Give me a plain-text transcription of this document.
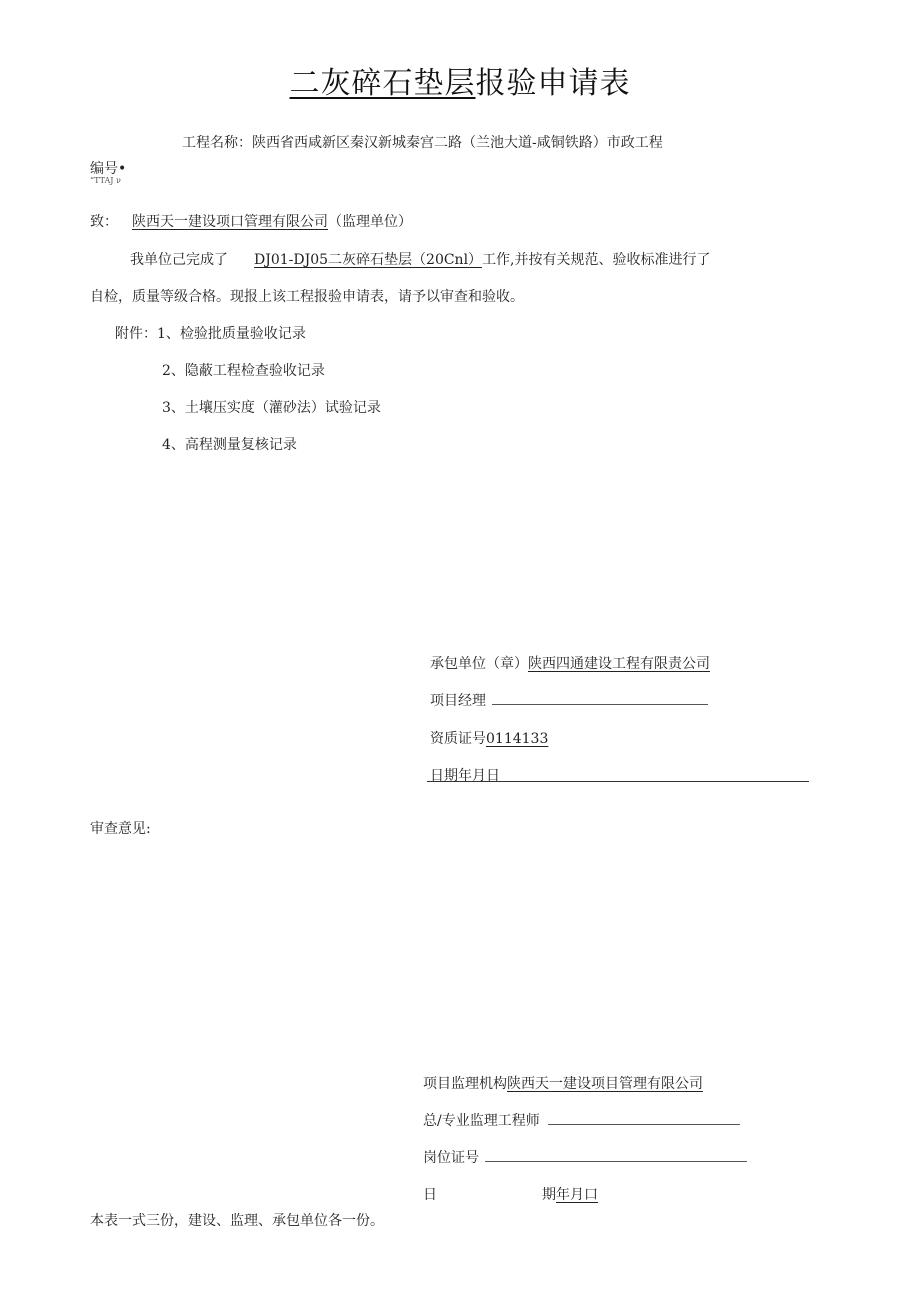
二灰碎石垫层报验申请表
工程名称：陕西省西咸新区秦汉新城秦宫二路（兰池大道-咸铜铁路）市政工程
编号•
“TTAJ ν
致： 陕西天一建设项口管理有限公司（监理单位）
我单位己完成了 DJ01-DJ05二灰碎石垫层（20Cnl）工作,并按有关规范、验收标准进行了
自检，质量等级合格。现报上该工程报验申请表，请予以审查和验收。
附件：1、检验批质量验收记录
2、隐蔽工程检查验收记录
3、土壤压实度（灌砂法）试验记录
4、高程测量复核记录
承包单位（章）陕西四通建设工程有限责公司
项目经理
资质证号0114133
日期年月日
审查意见:
项目监理机构陕西天一建设项目管理有限公司
总/专业监理工程师
岗位证号
日	期年月口
本表一式三份，建设、监理、承包单位各一份。
